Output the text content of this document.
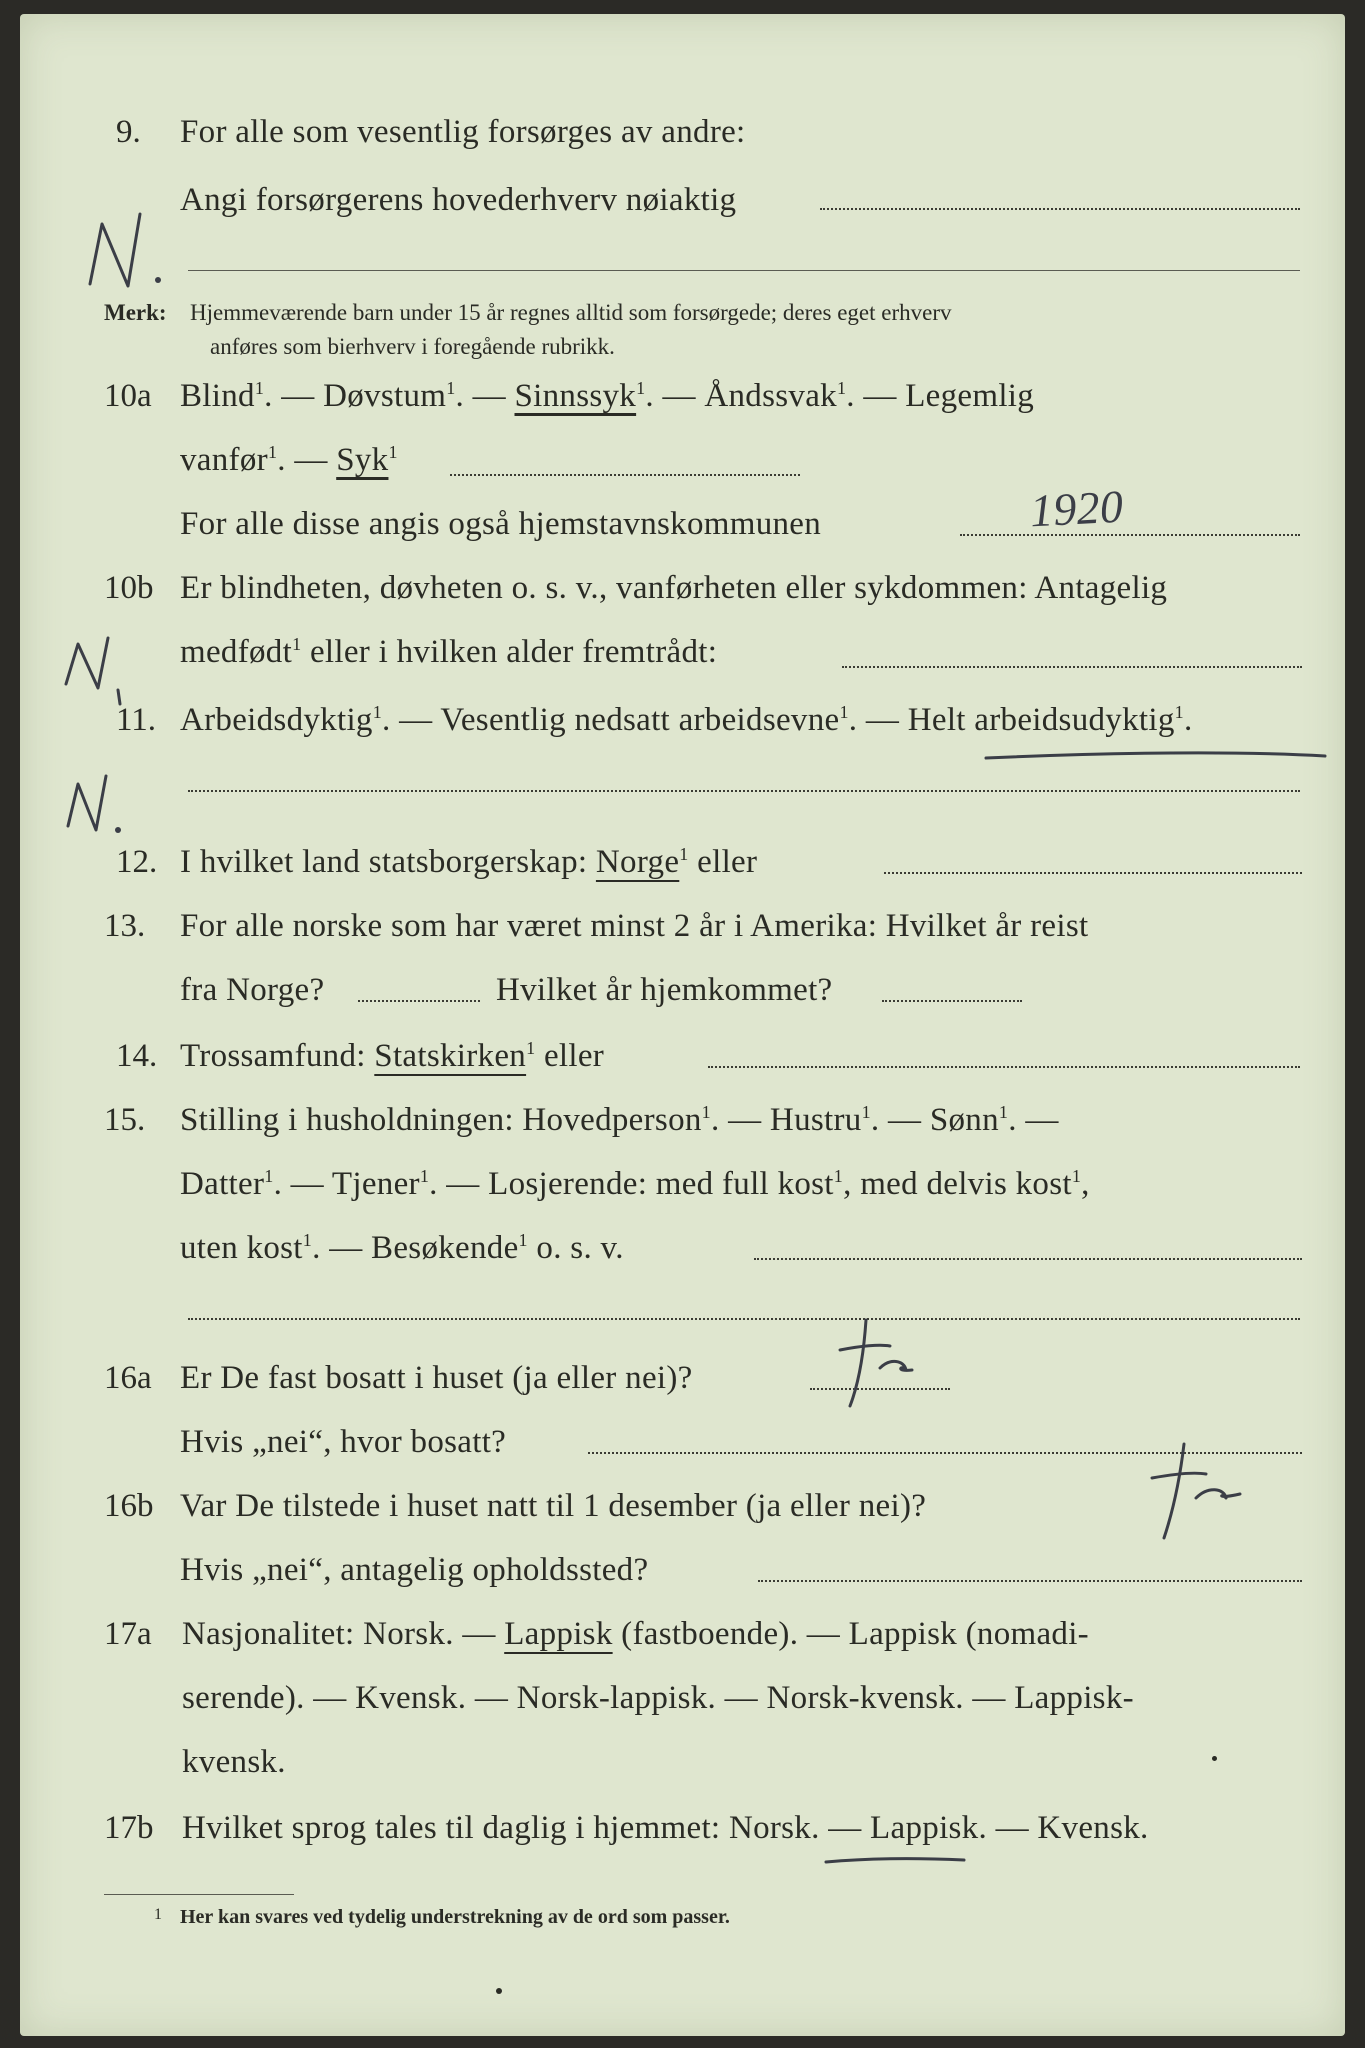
9. For alle som vesentlig forsørges av andre:
Angi forsørgerens hovederhverv nøiaktig
Merk: Hjemmeværende barn under 15 år regnes alltid som forsørgede; deres eget erhverv
anføres som bierhverv i foregående rubrikk.
10a Blind$^1$. — Døvstum$^1$. — Sinnssyk$^1$. — Åndssvak$^1$. — Legemlig
vanfør$^1$. — Syk$^1$
For alle disse angis også hjemstavnskommunen	1920
10b Er blindheten, døvheten o. s. v., vanførheten eller sykdommen: Antagelig
medfødt$^1$ eller i hvilken alder fremtrådt:
11. Arbeidsdyktig$^1$. — Vesentlig nedsatt arbeidsevne$^1$. — Helt arbeidsudyktig$^1$.
12. I hvilket land statsborgerskap: Norge$^1$ eller
13. For alle norske som har været minst 2 år i Amerika: Hvilket år reist
fra Norge?	Hvilket år hjemkommet?
14. Trossamfund: Statskirken$^1$ eller
15. Stilling i husholdningen: Hovedperson$^1$. — Hustru$^1$. — Sønn$^1$. —
Datter$^1$. — Tjener$^1$. — Losjerende: med full kost$^1$, med delvis kost$^1$,
uten kost$^1$. — Besøkende$^1$ o. s. v.
16a Er De fast bosatt i huset (ja eller nei)?
Hvis „nei“, hvor bosatt?
16b Var De tilstede i huset natt til 1 desember (ja eller nei)?
Hvis „nei“, antagelig opholdssted?
17a Nasjonalitet: Norsk. — Lappisk (fastboende). — Lappisk (nomadi-
serende). — Kvensk. — Norsk-lappisk. — Norsk-kvensk. — Lappisk-
kvensk.
17b Hvilket sprog tales til daglig i hjemmet: Norsk. — Lappisk. — Kvensk.
1 Her kan svares ved tydelig understrekning av de ord som passer.
